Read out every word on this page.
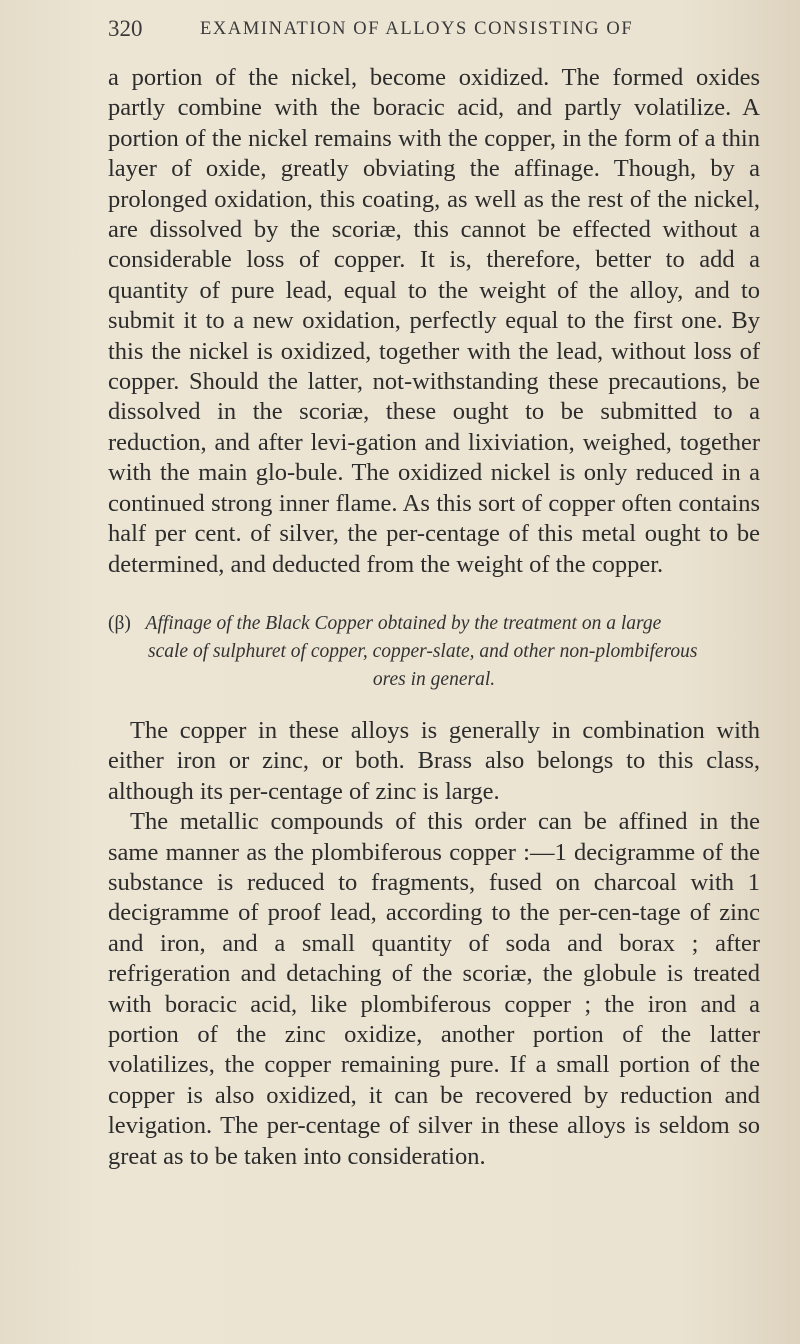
320	EXAMINATION OF ALLOYS CONSISTING OF

a portion of the nickel, become oxidized. The formed oxides partly combine with the boracic acid, and partly volatilize. A portion of the nickel remains with the copper, in the form of a thin layer of oxide, greatly obviating the affinage. Though, by a prolonged oxidation, this coating, as well as the rest of the nickel, are dissolved by the scoriæ, this cannot be effected without a considerable loss of copper. It is, therefore, better to add a quantity of pure lead, equal to the weight of the alloy, and to submit it to a new oxidation, perfectly equal to the first one. By this the nickel is oxidized, together with the lead, without loss of copper. Should the latter, not-withstanding these precautions, be dissolved in the scoriæ, these ought to be submitted to a reduction, and after levi-gation and lixiviation, weighed, together with the main glo-bule. The oxidized nickel is only reduced in a continued strong inner flame. As this sort of copper often contains half per cent. of silver, the per-centage of this metal ought to be determined, and deducted from the weight of the copper.

(β) Affinage of the Black Copper obtained by the treatment on a large
scale of sulphuret of copper, copper-slate, and other non-plombiferous
ores in general.

The copper in these alloys is generally in combination with either iron or zinc, or both. Brass also belongs to this class, although its per-centage of zinc is large.

The metallic compounds of this order can be affined in the same manner as the plombiferous copper :—1 decigramme of the substance is reduced to fragments, fused on charcoal with 1 decigramme of proof lead, according to the per-cen-tage of zinc and iron, and a small quantity of soda and borax ; after refrigeration and detaching of the scoriæ, the globule is treated with boracic acid, like plombiferous copper ; the iron and a portion of the zinc oxidize, another portion of the latter volatilizes, the copper remaining pure. If a small portion of the copper is also oxidized, it can be recovered by reduction and levigation. The per-centage of silver in these alloys is seldom so great as to be taken into consideration.
